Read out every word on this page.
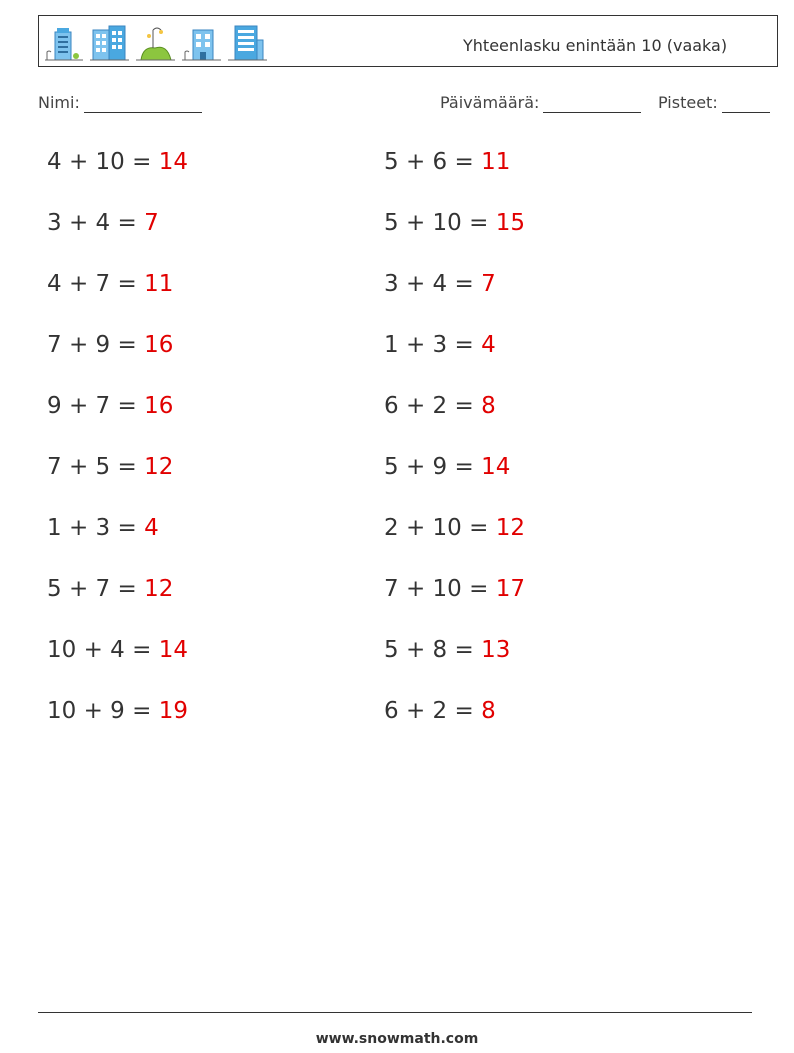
Yhteenlasku enintään 10 (vaaka)
Nimi:	Päivämäärä:	Pisteet:
4 + 10 = 14	5 + 6 = 11
3 + 4 = 7	5 + 10 = 15
4 + 7 = 11	3 + 4 = 7
7 + 9 = 16	1 + 3 = 4
9 + 7 = 16	6 + 2 = 8
7 + 5 = 12	5 + 9 = 14
1 + 3 = 4	2 + 10 = 12
5 + 7 = 12	7 + 10 = 17
10 + 4 = 14	5 + 8 = 13
10 + 9 = 19	6 + 2 = 8
www.snowmath.com
